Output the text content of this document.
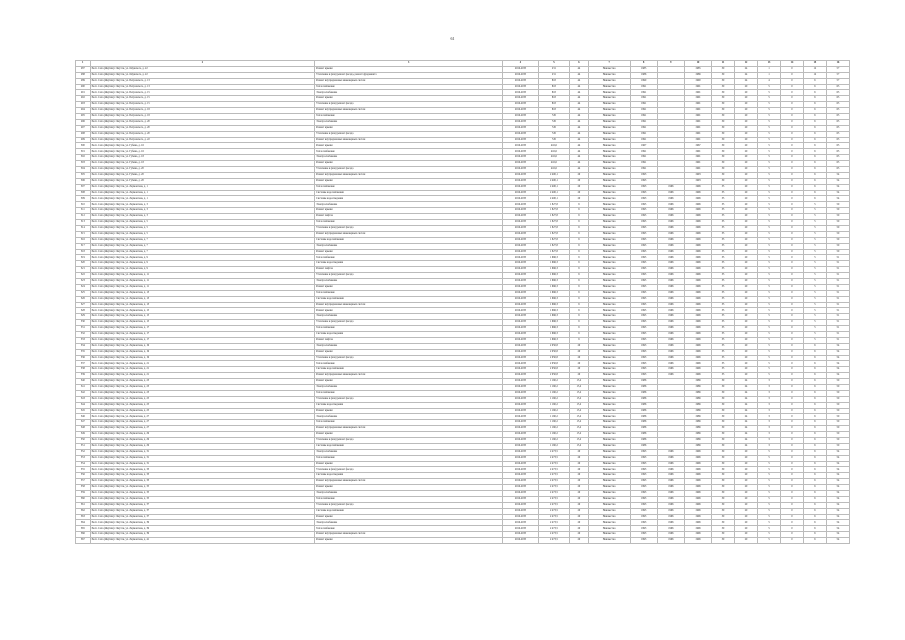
61
1	2	3	4	5	6	7	8	9	10	11	12	13	14	15	16
287	Респ. Саха (Якутия) г. Якутск, ул. Ойунского, д. 22	Ремонт крыши	2016-2035	231	44	Неизвестно	1985		1985	30	24	1	0	12	57
288	Респ. Саха (Якутия) г. Якутск, ул. Ойунского, д. 22	Утепление и (или) ремонт фасада, ремонт фундамента	2016-2035	231	44	Неизвестно	1986		1986	30	24	1	0	12	57
289	Респ. Саха (Якутия) г. Якутск, ул. Петровского, д. 13	Ремонт внутридомовых инженерных систем	2016-2035	818	44	Неизвестно	1990		1990	30	24	4	0	6	57
290	Респ. Саха (Якутия) г. Якутск, ул. Петровского, д. 13	Теплоснабжение	2016-2035	818	44	Неизвестно	1991		1991	30	20	5	0	6	65
291	Респ. Саха (Якутия) г. Якутск, ул. Петровского, д. 15	Электроснабжение	2016-2035	818	44	Неизвестно	1991		1991	30	20	5	0	6	65
292	Респ. Саха (Якутия) г. Якутск, ул. Петровского, д. 15	Ремонт крыши	2016-2035	818	44	Неизвестно	1991		1991	30	20	5	0	6	65
293	Респ. Саха (Якутия) г. Якутск, ул. Петровского, д. 15	Утепление и (или) ремонт фасада	2016-2035	818	44	Неизвестно	1991		1991	30	20	5	0	6	65
294	Респ. Саха (Якутия) г. Якутск, ул. Петровского, д. 18	Ремонт внутридомовых инженерных систем	2016-2035	818	44	Неизвестно	1991		1991	30	20	5	0	6	65
295	Респ. Саха (Якутия) г. Якутск, ул. Петровского, д. 18	Теплоснабжение	2016-2035	726	44	Неизвестно	1991		1991	30	20	5	0	6	65
296	Респ. Саха (Якутия) г. Якутск, ул. Петровского, д. 20	Электроснабжение	2016-2035	726	44	Неизвестно	1991		1991	30	20	5	0	6	65
297	Респ. Саха (Якутия) г. Якутск, ул. Петровского, д. 20	Ремонт крыши	2016-2035	726	44	Неизвестно	1991		1991	30	20	5	0	6	65
298	Респ. Саха (Якутия) г. Якутск, ул. Петровского, д. 20	Утепление и (или) ремонт фасада	2016-2035	726	44	Неизвестно	1991		1991	30	20	5	0	6	65
299	Респ. Саха (Якутия) г. Якутск, ул. Петровского, д. 22	Ремонт внутридомовых инженерных систем	2016-2035	726	44	Неизвестно	1991		1991	30	20	5	0	6	65
300	Респ. Саха (Якутия) г. Якутск, ул. Губина, д. 16	Ремонт крыши	2016-2035	416,6	44	Неизвестно	1967		1967	30	20	5	0	6	65
301	Респ. Саха (Якутия) г. Якутск, ул. Губина, д. 16	Теплоснабжение	2016-2035	416,6	44	Неизвестно	1991		1991	30	20	5	0	6	65
302	Респ. Саха (Якутия) г. Якутск, ул. Губина, д. 18	Электроснабжение	2016-2035	416,6	44	Неизвестно	1991		1991	30	20	5	0	6	65
303	Респ. Саха (Якутия) г. Якутск, ул. Губина, д. 18	Ремонт крыши	2016-2035	416,6	44	Неизвестно	1991		1991	30	20	5	0	6	65
304	Респ. Саха (Якутия) г. Якутск, ул. Губина, д. 20	Утепление и (или) ремонт фасада	2016-2035	416,6	44	Неизвестно	1991		1991	30	20	5	0	6	65
305	Респ. Саха (Якутия) г. Якутск, ул. Губина, д. 20	Ремонт внутридомовых инженерных систем	2016-2035	2 400,1	20	Неизвестно	1993		1993	30	20	5	0	6	54
306	Респ. Саха (Якутия) г. Якутск, ул. Губина, д. 20	Ремонт крыши	2016-2035	2 400,1	20	Неизвестно	1993		1993	30	20	5	0	6	54
307	Респ. Саха (Якутия) г. Якутск, ул. Лермонтова, д. 1	Теплоснабжение	2016-2035	2 400,1	20	Неизвестно	1993	1996	1996	35	20	5	0	6	54
308	Респ. Саха (Якутия) г. Якутск, ул. Лермонтова, д. 1	Системы водоснабжения	2016-2035	2 400,1	20	Неизвестно	1993	1996	1996	35	20	5	0	6	54
309	Респ. Саха (Якутия) г. Якутск, ул. Лермонтова, д. 1	Системы водоотведения	2016-2035	2 400,1	20	Неизвестно	1993	1996	1996	35	20	5	0	6	54
310	Респ. Саха (Якутия) г. Якутск, ул. Лермонтова, д. 3	Электроснабжение	2016-2035	1 827,8	9	Неизвестно	1995	1996	1996	35	20	5	0	5	50
311	Респ. Саха (Якутия) г. Якутск, ул. Лермонтова, д. 3	Ремонт крыши	2016-2035	1 827,8	9	Неизвестно	1995	1996	1996	35	20	5	0	5	50
312	Респ. Саха (Якутия) г. Якутск, ул. Лермонтова, д. 3	Ремонт лифтов	2016-2035	1 827,8	9	Неизвестно	1995	1996	1996	35	20	5	0	5	50
313	Респ. Саха (Якутия) г. Якутск, ул. Лермонтова, д. 5	Теплоснабжение	2016-2035	1 827,8	9	Неизвестно	1995	1996	1996	35	20	5	0	5	50
314	Респ. Саха (Якутия) г. Якутск, ул. Лермонтова, д. 5	Утепление и (или) ремонт фасада	2016-2035	1 827,8	9	Неизвестно	1995	1996	1996	35	20	5	0	5	50
315	Респ. Саха (Якутия) г. Якутск, ул. Лермонтова, д. 5	Ремонт внутридомовых инженерных систем	2016-2035	1 827,8	9	Неизвестно	1995	1996	1996	35	20	5	0	5	50
316	Респ. Саха (Якутия) г. Якутск, ул. Лермонтова, д. 7	Системы водоснабжения	2016-2035	1 827,8	9	Неизвестно	1995	1996	1996	35	20	5	0	5	50
317	Респ. Саха (Якутия) г. Якутск, ул. Лермонтова, д. 7	Электроснабжение	2016-2035	1 827,8	9	Неизвестно	1995	1996	1996	35	20	5	0	5	50
318	Респ. Саха (Якутия) г. Якутск, ул. Лермонтова, д. 7	Ремонт крыши	2016-2035	1 827,8	9	Неизвестно	1995	1996	1996	35	20	5	0	5	50
319	Респ. Саха (Якутия) г. Якутск, ул. Лермонтова, д. 9	Теплоснабжение	2016-2035	1 666,3	9	Неизвестно	1995	1996	1996	35	20	5	0	5	51
320	Респ. Саха (Якутия) г. Якутск, ул. Лермонтова, д. 9	Системы водоотведения	2016-2035	1 666,3	9	Неизвестно	1995	1996	1996	35	20	5	0	5	51
321	Респ. Саха (Якутия) г. Якутск, ул. Лермонтова, д. 9	Ремонт лифтов	2016-2035	1 666,3	9	Неизвестно	1995	1996	1996	35	20	5	0	5	51
322	Респ. Саха (Якутия) г. Якутск, ул. Лермонтова, д. 11	Утепление и (или) ремонт фасада	2016-2035	1 666,3	9	Неизвестно	1995	1996	1996	35	20	5	0	5	51
323	Респ. Саха (Якутия) г. Якутск, ул. Лермонтова, д. 11	Электроснабжение	2016-2035	1 666,3	9	Неизвестно	1995	1996	1996	35	20	5	0	5	51
324	Респ. Саха (Якутия) г. Якутск, ул. Лермонтова, д. 11	Ремонт крыши	2016-2035	1 666,3	9	Неизвестно	1995	1996	1996	35	20	5	0	5	51
325	Респ. Саха (Якутия) г. Якутск, ул. Лермонтова, д. 13	Теплоснабжение	2016-2035	1 666,3	9	Неизвестно	1995	1996	1996	35	20	5	0	5	51
326	Респ. Саха (Якутия) г. Якутск, ул. Лермонтова, д. 13	Системы водоснабжения	2016-2035	1 666,3	9	Неизвестно	1995	1996	1996	35	20	5	0	5	51
327	Респ. Саха (Якутия) г. Якутск, ул. Лермонтова, д. 13	Ремонт внутридомовых инженерных систем	2016-2035	1 666,3	9	Неизвестно	1995	1996	1996	35	20	5	0	5	51
328	Респ. Саха (Якутия) г. Якутск, ул. Лермонтова, д. 15	Ремонт крыши	2016-2035	1 666,3	9	Неизвестно	1995	1996	1996	35	20	5	0	5	51
329	Респ. Саха (Якутия) г. Якутск, ул. Лермонтова, д. 15	Электроснабжение	2016-2035	1 666,3	9	Неизвестно	1995	1996	1996	35	20	5	0	5	51
330	Респ. Саха (Якутия) г. Якутск, ул. Лермонтова, д. 15	Утепление и (или) ремонт фасада	2016-2035	1 666,3	9	Неизвестно	1995	1996	1996	35	20	5	0	5	51
331	Респ. Саха (Якутия) г. Якутск, ул. Лермонтова, д. 17	Теплоснабжение	2016-2035	1 666,3	9	Неизвестно	1995	1996	1996	35	20	5	0	5	51
332	Респ. Саха (Якутия) г. Якутск, ул. Лермонтова, д. 17	Системы водоотведения	2016-2035	1 666,3	9	Неизвестно	1995	1996	1996	35	20	5	0	5	51
333	Респ. Саха (Якутия) г. Якутск, ул. Лермонтова, д. 17	Ремонт лифтов	2016-2035	1 666,3	9	Неизвестно	1995	1996	1996	35	20	5	0	5	51
334	Респ. Саха (Якутия) г. Якутск, ул. Лермонтова, д. 19	Электроснабжение	2016-2035	2 050,8	20	Неизвестно	1993	1996	1996	35	20	5	0	6	54
335	Респ. Саха (Якутия) г. Якутск, ул. Лермонтова, д. 19	Ремонт крыши	2016-2035	2 050,8	20	Неизвестно	1993	1996	1996	35	20	5	0	6	54
336	Респ. Саха (Якутия) г. Якутск, ул. Лермонтова, д. 19	Утепление и (или) ремонт фасада	2016-2035	2 050,8	20	Неизвестно	1993	1996	1996	35	20	5	0	6	54
337	Респ. Саха (Якутия) г. Якутск, ул. Лермонтова, д. 21	Теплоснабжение	2016-2035	2 050,8	20	Неизвестно	1993	1996	1996	35	20	5	0	6	54
338	Респ. Саха (Якутия) г. Якутск, ул. Лермонтова, д. 21	Системы водоснабжения	2016-2035	2 050,8	20	Неизвестно	1993	1996	1996	35	20	5	0	6	54
339	Респ. Саха (Якутия) г. Якутск, ул. Лермонтова, д. 21	Ремонт внутридомовых инженерных систем	2016-2035	2 050,8	20	Неизвестно	1993	1996	1996	35	20	5	0	6	54
340	Респ. Саха (Якутия) г. Якутск, ул. Лермонтова, д. 23	Ремонт крыши	2016-2035	1 160,2	15,2	Неизвестно	1986		1986	30	24	3	0	6	50
341	Респ. Саха (Якутия) г. Якутск, ул. Лермонтова, д. 23	Электроснабжение	2016-2035	1 160,2	15,2	Неизвестно	1986		1986	30	24	3	0	6	50
342	Респ. Саха (Якутия) г. Якутск, ул. Лермонтова, д. 23	Теплоснабжение	2016-2035	1 160,2	15,2	Неизвестно	1986		1986	30	24	3	0	6	50
343	Респ. Саха (Якутия) г. Якутск, ул. Лермонтова, д. 25	Утепление и (или) ремонт фасада	2016-2035	1 160,2	15,2	Неизвестно	1986		1986	30	24	3	0	6	50
344	Респ. Саха (Якутия) г. Якутск, ул. Лермонтова, д. 25	Системы водоотведения	2016-2035	1 160,2	15,2	Неизвестно	1986		1986	30	24	3	0	6	50
345	Респ. Саха (Якутия) г. Якутск, ул. Лермонтова, д. 25	Ремонт крыши	2016-2035	1 160,2	15,2	Неизвестно	1986		1986	30	24	3	0	6	50
346	Респ. Саха (Якутия) г. Якутск, ул. Лермонтова, д. 27	Электроснабжение	2016-2035	1 160,2	15,2	Неизвестно	1986		1986	30	24	3	0	6	50
347	Респ. Саха (Якутия) г. Якутск, ул. Лермонтова, д. 27	Теплоснабжение	2016-2035	1 160,2	15,2	Неизвестно	1986		1986	30	24	3	0	6	50
348	Респ. Саха (Якутия) г. Якутск, ул. Лермонтова, д. 27	Ремонт внутридомовых инженерных систем	2016-2035	1 160,2	15,2	Неизвестно	1986		1986	30	24	3	0	6	50
349	Респ. Саха (Якутия) г. Якутск, ул. Лермонтова, д. 29	Ремонт крыши	2016-2035	1 160,2	15,2	Неизвестно	1986		1986	30	24	3	0	6	50
350	Респ. Саха (Якутия) г. Якутск, ул. Лермонтова, д. 29	Утепление и (или) ремонт фасада	2016-2035	1 160,2	15,2	Неизвестно	1986		1986	30	24	3	0	6	50
351	Респ. Саха (Якутия) г. Якутск, ул. Лермонтова, д. 29	Системы водоснабжения	2016-2035	1 160,2	15,2	Неизвестно	1986		1986	30	24	3	0	6	50
352	Респ. Саха (Якутия) г. Якутск, ул. Лермонтова, д. 31	Электроснабжение	2016-2035	2 473,5	20	Неизвестно	1993	1996	1996	30	20	5	0	6	54
353	Респ. Саха (Якутия) г. Якутск, ул. Лермонтова, д. 31	Теплоснабжение	2016-2035	2 473,5	20	Неизвестно	1993	1996	1996	30	20	5	0	6	54
354	Респ. Саха (Якутия) г. Якутск, ул. Лермонтова, д. 31	Ремонт крыши	2016-2035	2 473,5	20	Неизвестно	1993	1996	1996	30	20	5	0	6	54
355	Респ. Саха (Якутия) г. Якутск, ул. Лермонтова, д. 33	Утепление и (или) ремонт фасада	2016-2035	2 473,5	20	Неизвестно	1993	1996	1996	30	20	5	0	6	54
356	Респ. Саха (Якутия) г. Якутск, ул. Лермонтова, д. 33	Системы водоотведения	2016-2035	2 473,5	20	Неизвестно	1993	1996	1996	30	20	5	0	6	54
357	Респ. Саха (Якутия) г. Якутск, ул. Лермонтова, д. 33	Ремонт внутридомовых инженерных систем	2016-2035	2 473,5	20	Неизвестно	1993	1996	1996	30	20	5	0	6	54
358	Респ. Саха (Якутия) г. Якутск, ул. Лермонтова, д. 35	Ремонт крыши	2016-2035	2 473,5	20	Неизвестно	1993	1996	1996	30	20	5	0	6	54
359	Респ. Саха (Якутия) г. Якутск, ул. Лермонтова, д. 35	Электроснабжение	2016-2035	2 473,5	20	Неизвестно	1993	1996	1996	30	20	5	0	6	54
360	Респ. Саха (Якутия) г. Якутск, ул. Лермонтова, д. 35	Теплоснабжение	2016-2035	2 473,5	20	Неизвестно	1993	1996	1996	30	20	5	0	6	54
361	Респ. Саха (Якутия) г. Якутск, ул. Лермонтова, д. 37	Утепление и (или) ремонт фасада	2016-2035	2 473,5	20	Неизвестно	1993	1996	1996	30	20	5	0	6	54
362	Респ. Саха (Якутия) г. Якутск, ул. Лермонтова, д. 37	Системы водоснабжения	2016-2035	2 473,5	20	Неизвестно	1993	1996	1996	30	20	5	0	6	54
363	Респ. Саха (Якутия) г. Якутск, ул. Лермонтова, д. 37	Ремонт крыши	2016-2035	2 473,5	20	Неизвестно	1993	1996	1996	30	20	5	0	6	54
364	Респ. Саха (Якутия) г. Якутск, ул. Лермонтова, д. 39	Электроснабжение	2016-2035	2 473,5	20	Неизвестно	1993	1996	1996	30	20	5	0	6	54
365	Респ. Саха (Якутия) г. Якутск, ул. Лермонтова, д. 39	Теплоснабжение	2016-2035	2 473,5	20	Неизвестно	1993	1996	1996	30	20	5	0	6	54
366	Респ. Саха (Якутия) г. Якутск, ул. Лермонтова, д. 39	Ремонт внутридомовых инженерных систем	2016-2035	2 473,5	20	Неизвестно	1993	1996	1996	30	20	5	0	6	54
367	Респ. Саха (Якутия) г. Якутск, ул. Лермонтова, д. 41	Ремонт крыши	2016-2035	2 473,5	20	Неизвестно	1993	1996	1996	30	20	5	0	6	54
